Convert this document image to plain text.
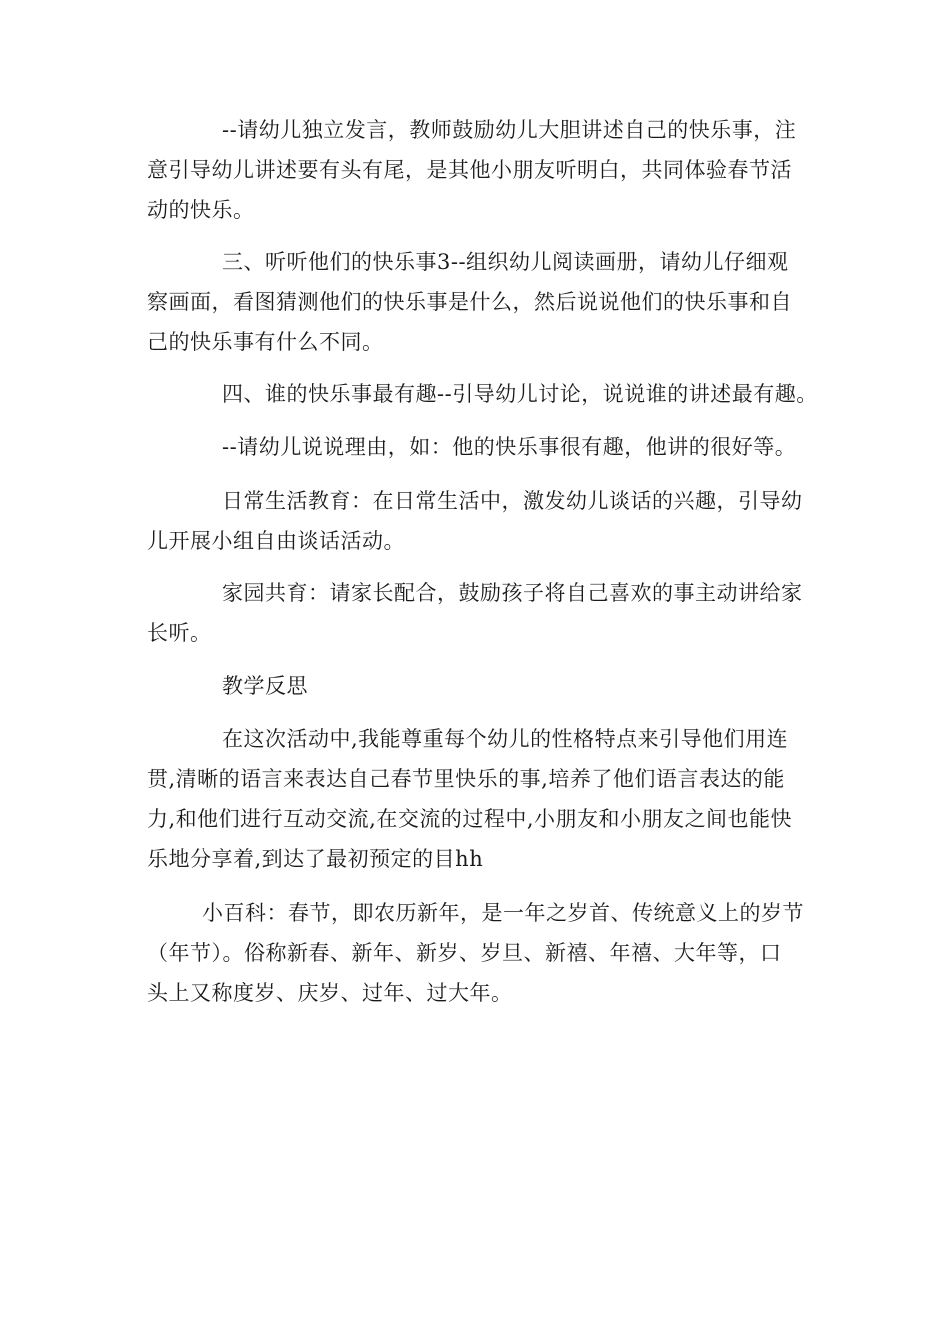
--请幼儿独立发言，教师鼓励幼儿大胆讲述自己的快乐事，注
意引导幼儿讲述要有头有尾，是其他小朋友听明白，共同体验春节活
动的快乐。

三、听听他们的快乐事3--组织幼儿阅读画册，请幼儿仔细观
察画面，看图猜测他们的快乐事是什么，然后说说他们的快乐事和自
己的快乐事有什么不同。

四、谁的快乐事最有趣--引导幼儿讨论，说说谁的讲述最有趣。

--请幼儿说说理由，如：他的快乐事很有趣，他讲的很好等。

日常生活教育：在日常生活中，激发幼儿谈话的兴趣，引导幼
儿开展小组自由谈话活动。

家园共育：请家长配合，鼓励孩子将自己喜欢的事主动讲给家
长听。

教学反思

在这次活动中,我能尊重每个幼儿的性格特点来引导他们用连
贯,清晰的语言来表达自己春节里快乐的事,培养了他们语言表达的能
力,和他们进行互动交流,在交流的过程中,小朋友和小朋友之间也能快
乐地分享着,到达了最初预定的目hh

小百科：春节，即农历新年，是一年之岁首、传统意义上的岁节
（年节）。俗称新春、新年、新岁、岁旦、新禧、年禧、大年等，口
头上又称度岁、庆岁、过年、过大年。
